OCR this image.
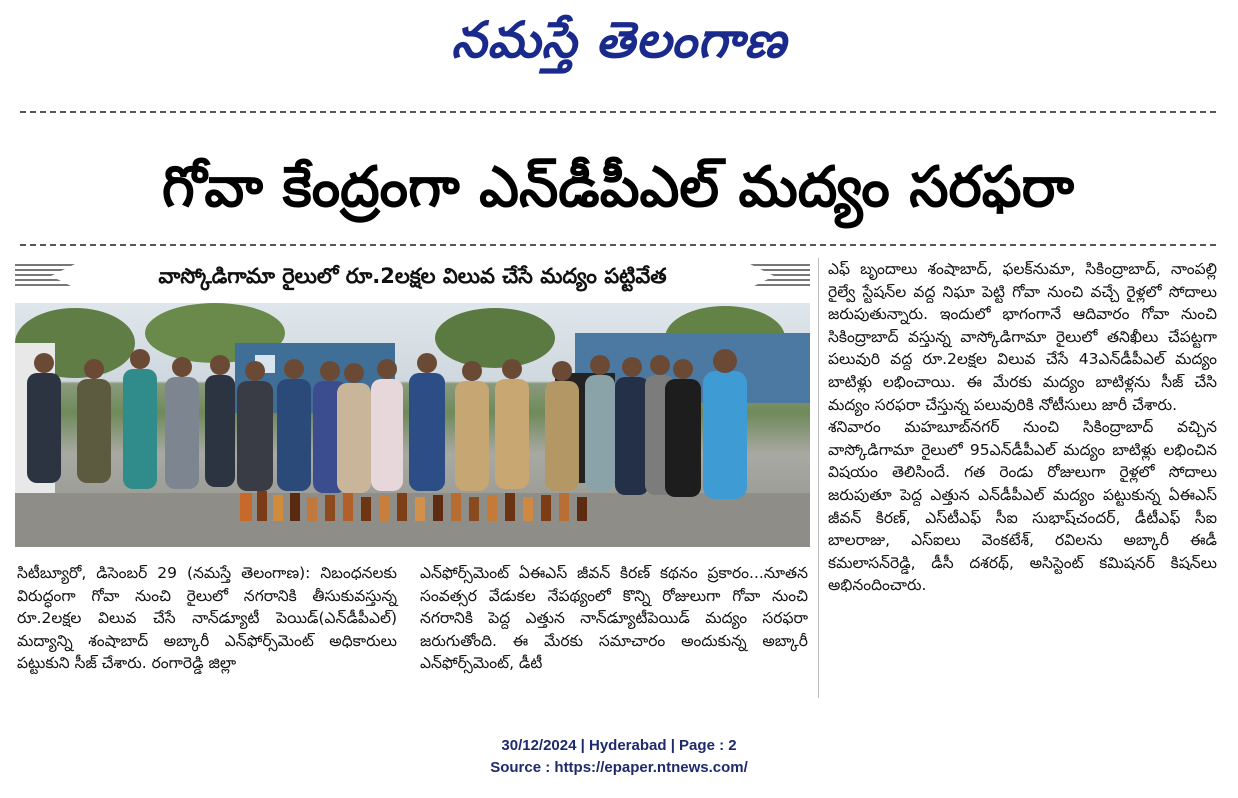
నమస్తే తెలంగాణ
గోవా కేంద్రంగా ఎన్‌డీపీఎల్ మద్యం సరఫరా
వాస్కోడిగామా రైలులో రూ.2లక్షల విలువ చేసే మద్యం పట్టివేత

సిటీబ్యూరో, డిసెంబర్ 29 (నమస్తే తెలంగాణ): నిబంధనలకు విరుద్ధంగా గోవా నుంచి రైలులో నగరానికి తీసుకువస్తున్న రూ.2లక్షల విలువ చేసే నాన్‌డ్యూటీ పెయిడ్(ఎన్‌డీపీఎల్) మద్యాన్ని శంషాబాద్ అబ్కారీ ఎన్‌ఫోర్స్‌మెంట్ అధికారులు పట్టుకుని సీజ్ చేశారు. రంగారెడ్డి జిల్లా

ఎన్‌ఫోర్స్‌మెంట్ ఏఈఎస్ జీవన్ కిరణ్ కథనం ప్రకారం...నూతన సంవత్సర వేడుకల నేపథ్యంలో కొన్ని రోజులుగా గోవా నుంచి నగరానికి పెద్ద ఎత్తున నాన్‌డ్యూటీపెయిడ్ మద్యం సరఫరా జరుగుతోంది. ఈ మేరకు సమాచారం అందుకున్న అబ్కారీ ఎన్‌ఫోర్స్‌మెంట్, డీటీ

ఎఫ్ బృందాలు శంషాబాద్, ఫలక్‌నుమా, సికింద్రాబాద్, నాంపల్లి రైల్వే స్టేషన్‌ల వద్ద నిఘా పెట్టి గోవా నుంచి వచ్చే రైళ్లలో సోదాలు జరుపుతున్నారు. ఇందులో భాగంగానే ఆదివారం గోవా నుంచి సికింద్రాబాద్ వస్తున్న వాస్కోడిగామా రైలులో తనిఖీలు చేపట్టగా పలువురి వద్ద రూ.2లక్షల విలువ చేసే 43ఎన్‌డీపీఎల్ మద్యం బాటిళ్లు లభించాయి. ఈ మేరకు మద్యం బాటిళ్లను సీజ్ చేసి మద్యం సరఫరా చేస్తున్న పలువురికి నోటీసులు జారీ చేశారు.

శనివారం మహబూబ్‌నగర్ నుంచి సికింద్రాబాద్ వచ్చిన వాస్కోడిగామా రైలులో 95ఎన్‌డీపీఎల్ మద్యం బాటిళ్లు లభించిన విషయం తెలిసిందే. గత రెండు రోజులుగా రైళ్లలో సోదాలు జరుపుతూ పెద్ద ఎత్తున ఎన్‌డీపీఎల్ మద్యం పట్టుకున్న ఏఈఎస్ జీవన్ కిరణ్, ఎస్‌టీఎఫ్ సీఐ సుభాష్‌చందర్, డీటీఎఫ్ సీఐ బాలరాజు, ఎస్‌ఐలు వెంకటేశ్, రవిలను అబ్కారీ ఈడీ కమలాసన్‌రెడ్డి, డీసీ దశరథ్, అసిస్టెంట్ కమిషనర్ కిషన్‌లు అభినందించారు.

30/12/2024 | Hyderabad | Page : 2
Source : https://epaper.ntnews.com/
